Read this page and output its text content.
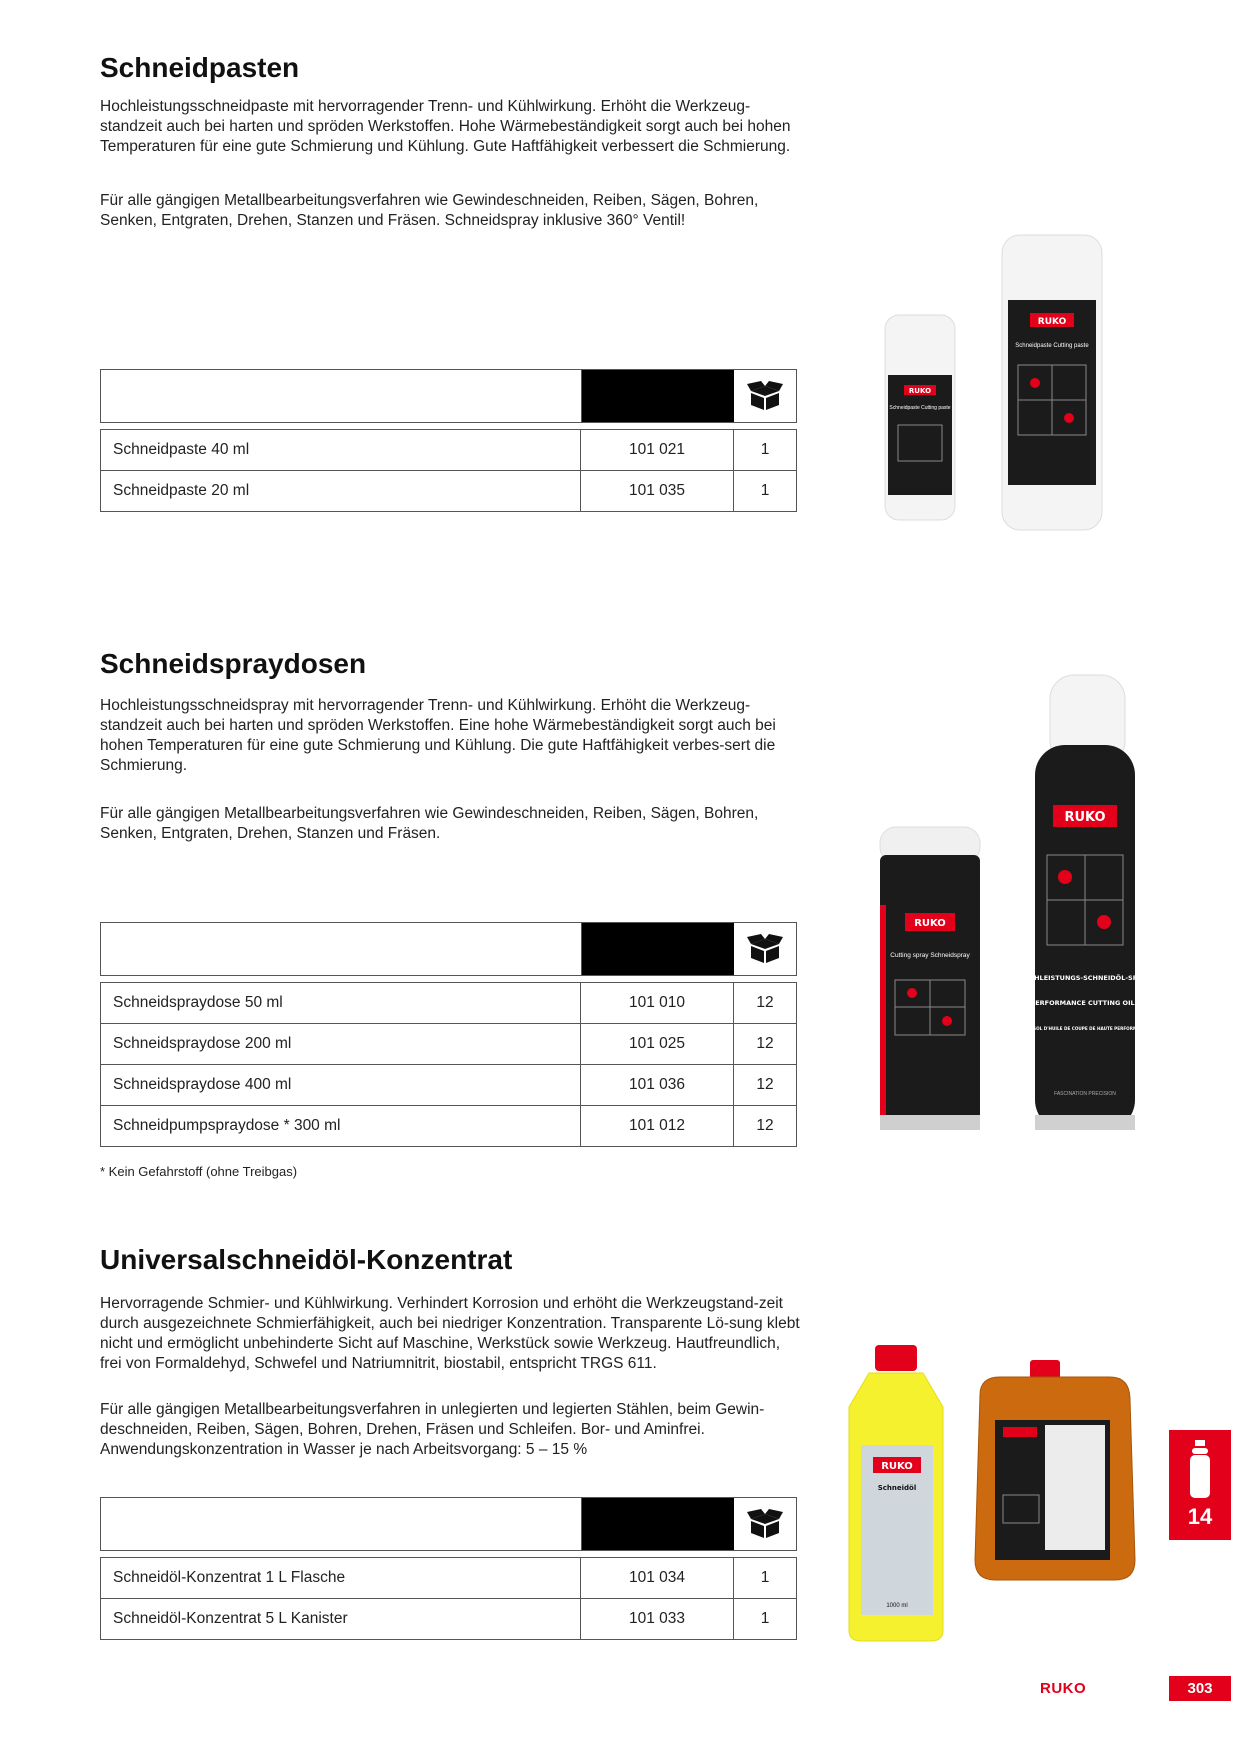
Schneidpasten

Hochleistungsschneidpaste mit hervorragender Trenn- und Kühlwirkung. Erhöht die Werkzeug-standzeit auch bei harten und spröden Werkstoffen. Hohe Wärmebeständigkeit sorgt auch bei hohen Temperaturen für eine gute Schmierung und Kühlung. Gute Haftfähigkeit verbessert die Schmierung.

Für alle gängigen Metallbearbeitungsverfahren wie Gewindeschneiden, Reiben, Sägen, Bohren, Senken, Entgraten, Drehen, Stanzen und Fräsen. Schneidspray inklusive 360° Ventil!

Schneidpaste 40 ml	101 021	1
Schneidpaste 20 ml	101 035	1
RUKO
Schneidpaste Cutting paste
RUKO
Schneidpaste Cutting paste
Schneidspraydosen

Hochleistungsschneidspray mit hervorragender Trenn- und Kühlwirkung. Erhöht die Werkzeug-standzeit auch bei harten und spröden Werkstoffen. Eine hohe Wärmebeständigkeit sorgt auch bei hohen Temperaturen für eine gute Schmierung und Kühlung. Die gute Haftfähigkeit verbes-sert die Schmierung.

Für alle gängigen Metallbearbeitungsverfahren wie Gewindeschneiden, Reiben, Sägen, Bohren, Senken, Entgraten, Drehen, Stanzen und Fräsen.

Schneidspraydose 50 ml	101 010	12
Schneidspraydose 200 ml	101 025	12
Schneidspraydose 400 ml	101 036	12
Schneidpumpspraydose * 300 ml	101 012	12
* Kein Gefahrstoff (ohne Treibgas)
RUKO
Cutting spray Schneidspray
RUKO
HOCHLEISTUNGS-SCHNEIDÖL-SPRAY
HIGH PERFORMANCE CUTTING OIL SPRAY
AÉROSOL D'HUILE DE COUPE DE HAUTE PERFORMANCE
FASCINATION PRECISION
Universalschneidöl-Konzentrat

Hervorragende Schmier- und Kühlwirkung. Verhindert Korrosion und erhöht die Werkzeugstand-zeit durch ausgezeichnete Schmierfähigkeit, auch bei niedriger Konzentration. Transparente Lö-sung klebt nicht und ermöglicht unbehinderte Sicht auf Maschine, Werkstück sowie Werkzeug. Hautfreundlich, frei von Formaldehyd, Schwefel und Natriumnitrit, biostabil, entspricht TRGS 611.

Für alle gängigen Metallbearbeitungsverfahren in unlegierten und legierten Stählen, beim Gewin-deschneiden, Reiben, Sägen, Bohren, Drehen, Fräsen und Schleifen. Bor- und Aminfrei. Anwendungskonzentration in Wasser je nach Arbeitsvorgang: 5 – 15 %

Schneidöl-Konzentrat 1 L Flasche	101 034	1
Schneidöl-Konzentrat 5 L Kanister	101 033	1
RUKO
Schneidöl
1000 ml
14
RUKO	303
